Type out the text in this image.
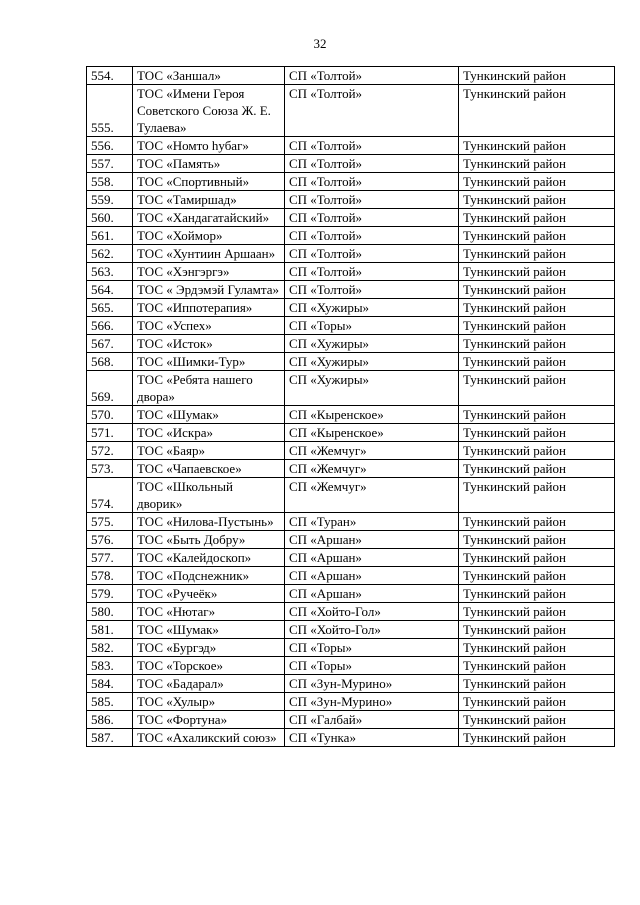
32
554.	ТОС «Заншал»	СП «Толтой»	Тункинский район
555.	ТОС «Имени Героя Советского Союза Ж. Е. Тулаева»	СП «Толтой»	Тункинский район
556.	ТОС «Номто һубаг»	СП «Толтой»	Тункинский район
557.	ТОС «Память»	СП «Толтой»	Тункинский район
558.	ТОС «Спортивный»	СП «Толтой»	Тункинский район
559.	ТОС «Тамиршад»	СП «Толтой»	Тункинский район
560.	ТОС «Хандагатайский»	СП «Толтой»	Тункинский район
561.	ТОС «Хоймор»	СП «Толтой»	Тункинский район
562.	ТОС «Хунтиин Аршаан»	СП «Толтой»	Тункинский район
563.	ТОС «Хэнгэргэ»	СП «Толтой»	Тункинский район
564.	ТОС « Эрдэмэй Гуламта»	СП «Толтой»	Тункинский район
565.	ТОС «Иппотерапия»	СП «Хужиры»	Тункинский район
566.	ТОС «Успех»	СП «Торы»	Тункинский район
567.	ТОС «Исток»	СП «Хужиры»	Тункинский район
568.	ТОС «Шимки-Тур»	СП «Хужиры»	Тункинский район
569.	ТОС «Ребята нашего двора»	СП «Хужиры»	Тункинский район
570.	ТОС «Шумак»	СП «Кыренское»	Тункинский район
571.	ТОС «Искра»	СП «Кыренское»	Тункинский район
572.	ТОС «Баяр»	СП «Жемчуг»	Тункинский район
573.	ТОС «Чапаевское»	СП «Жемчуг»	Тункинский район
574.	ТОС «Школьный дворик»	СП «Жемчуг»	Тункинский район
575.	ТОС «Нилова-Пустынь»	СП «Туран»	Тункинский район
576.	ТОС «Быть Добру»	СП «Аршан»	Тункинский район
577.	ТОС «Калейдоскоп»	СП «Аршан»	Тункинский район
578.	ТОС «Подснежник»	СП «Аршан»	Тункинский район
579.	ТОС «Ручеёк»	СП «Аршан»	Тункинский район
580.	ТОС «Нютаг»	СП «Хойто-Гол»	Тункинский район
581.	ТОС «Шумак»	СП «Хойто-Гол»	Тункинский район
582.	ТОС «Бургэд»	СП «Торы»	Тункинский район
583.	ТОС «Торское»	СП «Торы»	Тункинский район
584.	ТОС «Бадарал»	СП «Зун-Мурино»	Тункинский район
585.	ТОС «Хулыр»	СП «Зун-Мурино»	Тункинский район
586.	ТОС «Фортуна»	СП «Галбай»	Тункинский район
587.	ТОС «Ахаликский союз»	СП «Тунка»	Тункинский район
